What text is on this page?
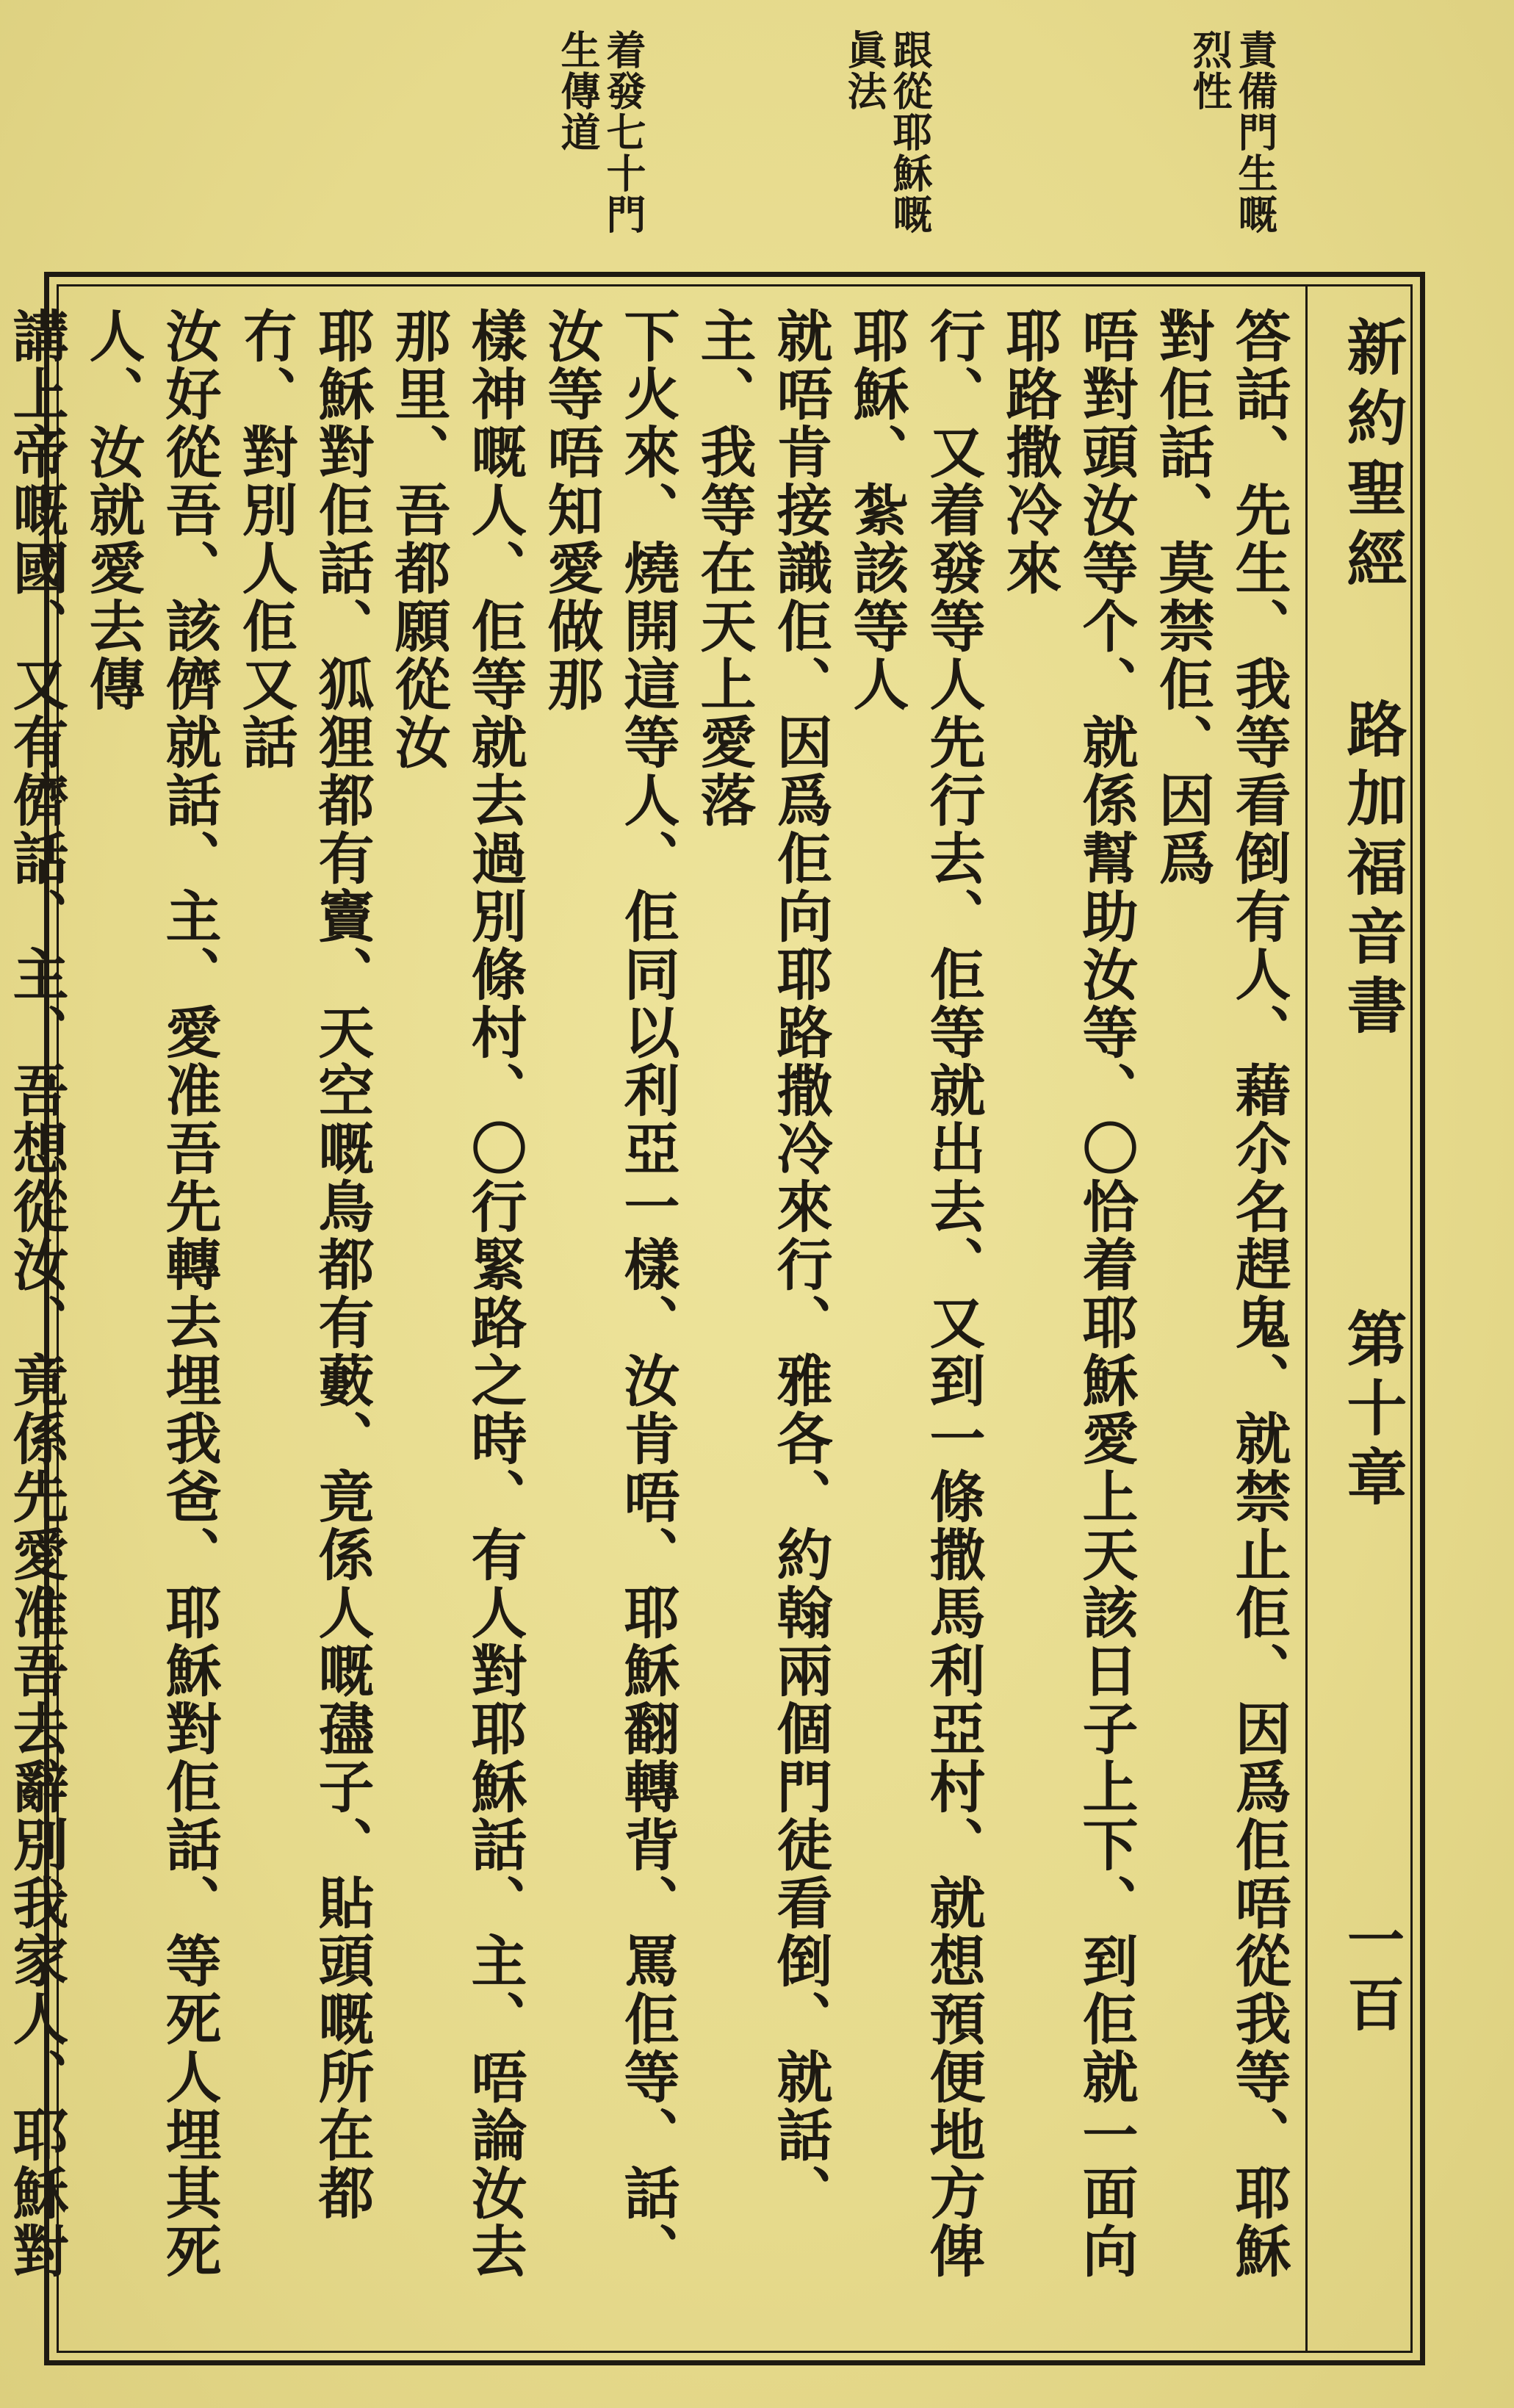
責備門生嘅烈性
跟從耶穌嘅眞法
着發七十門生傳道
新約聖經
路加福音書
第十章
一百

答話、先生、我等看倒有人、藉尒名趕鬼、就禁止佢、因爲佢唔從我等、耶穌對佢話、莫禁佢、因爲

唔對頭汝等个、就係幫助汝等、〇恰着耶穌愛上天該日子上下、到佢就一面向耶路撒冷來

行、又着發等人先行去、佢等就出去、又到一條撒馬利亞村、就想預便地方俾耶穌、紮該等人

就唔肯接識佢、因爲佢向耶路撒冷來行、雅各、約翰兩個門徒看倒、就話、主、我等在天上愛落

下火來、燒開這等人、佢同以利亞一樣、汝肯唔、耶穌翻轉背、罵佢等、話、汝等唔知愛做那

樣神嘅人、佢等就去過別條村、〇行緊路之時、有人對耶穌話、主、唔論汝去那里、吾都願從汝

耶穌對佢話、狐狸都有竇、天空嘅鳥都有藪、竟係人嘅孻子、貼頭嘅所在都冇、對別人佢又話

汝好從吾、該儕就話、主、愛准吾先轉去埋我爸、耶穌對佢話、等死人埋其死人、汝就愛去傳

講上帝嘅國、又有儕話、主、吾想從汝、竟係先愛准吾去辭別我家人、耶穌對
